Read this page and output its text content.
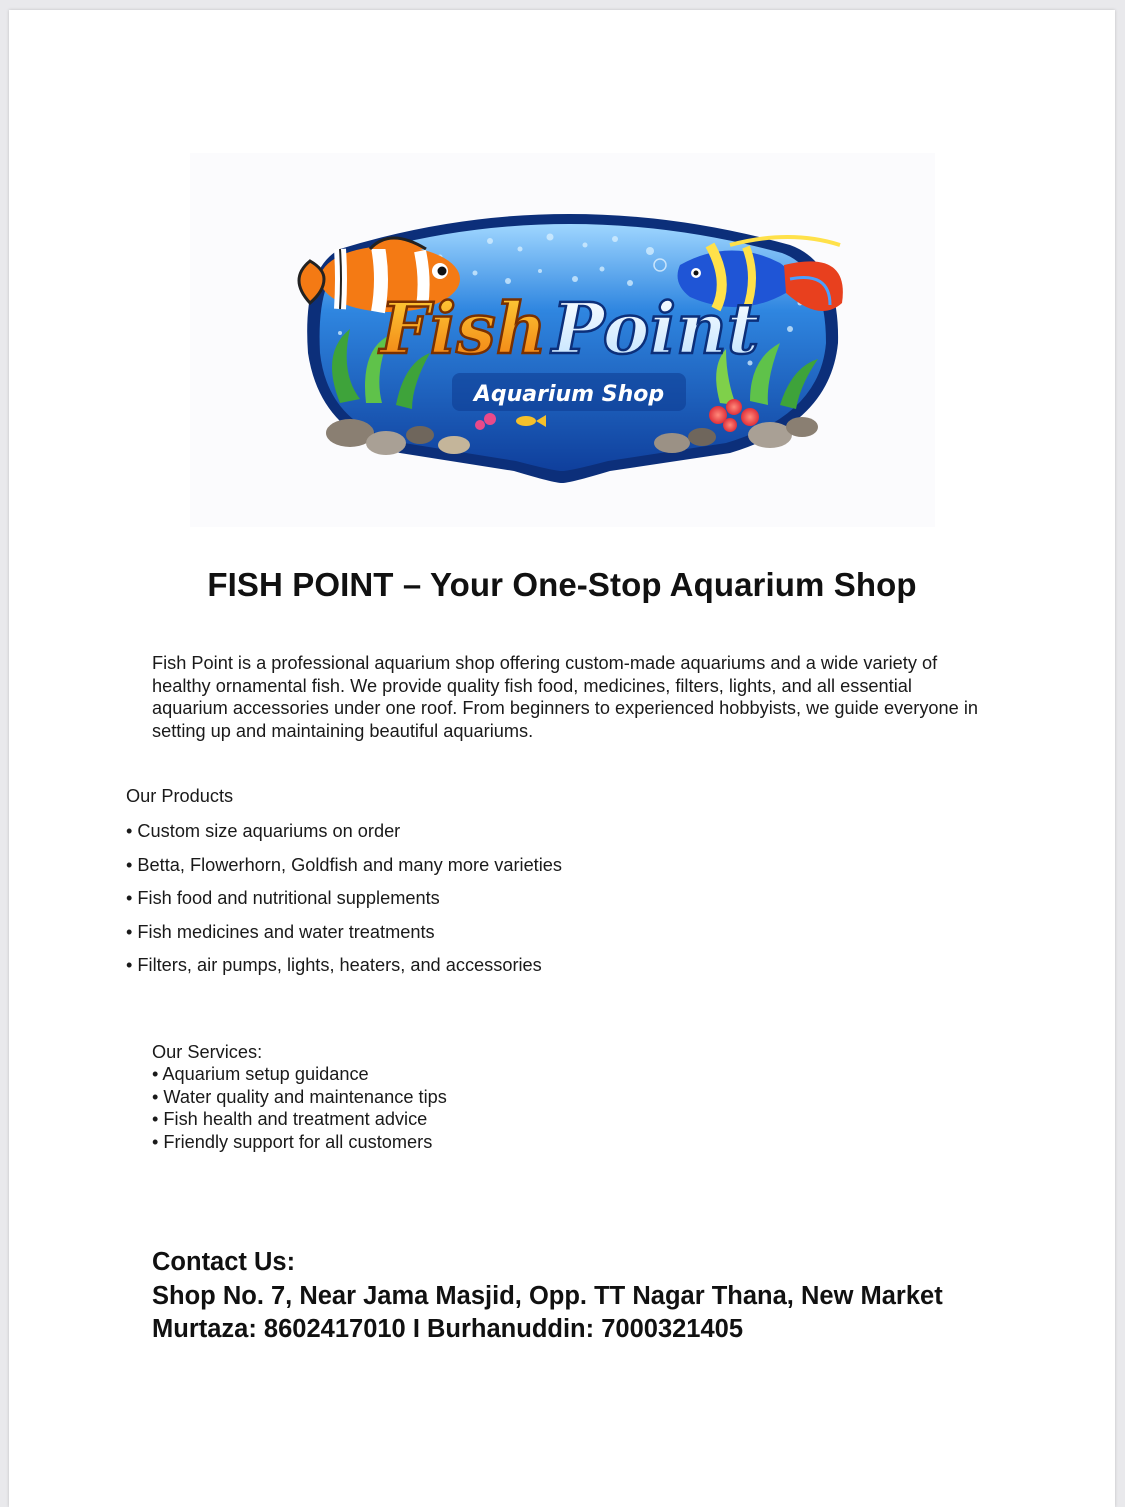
Fish Point
Aquarium Shop
FISH POINT – Your One-Stop Aquarium Shop

Fish Point is a professional aquarium shop offering custom-made aquariums and a wide variety of healthy ornamental fish. We provide quality fish food, medicines, filters, lights, and all essential aquarium accessories under one roof. From beginners to experienced hobbyists, we guide everyone in setting up and maintaining beautiful aquariums.

Our Products
• Custom size aquariums on order
• Betta, Flowerhorn, Goldfish and many more varieties
• Fish food and nutritional supplements
• Fish medicines and water treatments
• Filters, air pumps, lights, heaters, and accessories
Our Services:
• Aquarium setup guidance
• Water quality and maintenance tips
• Fish health and treatment advice
• Friendly support for all customers
Contact Us:
Shop No. 7, Near Jama Masjid, Opp. TT Nagar Thana, New Market
Murtaza: 8602417010 I Burhanuddin: 7000321405
